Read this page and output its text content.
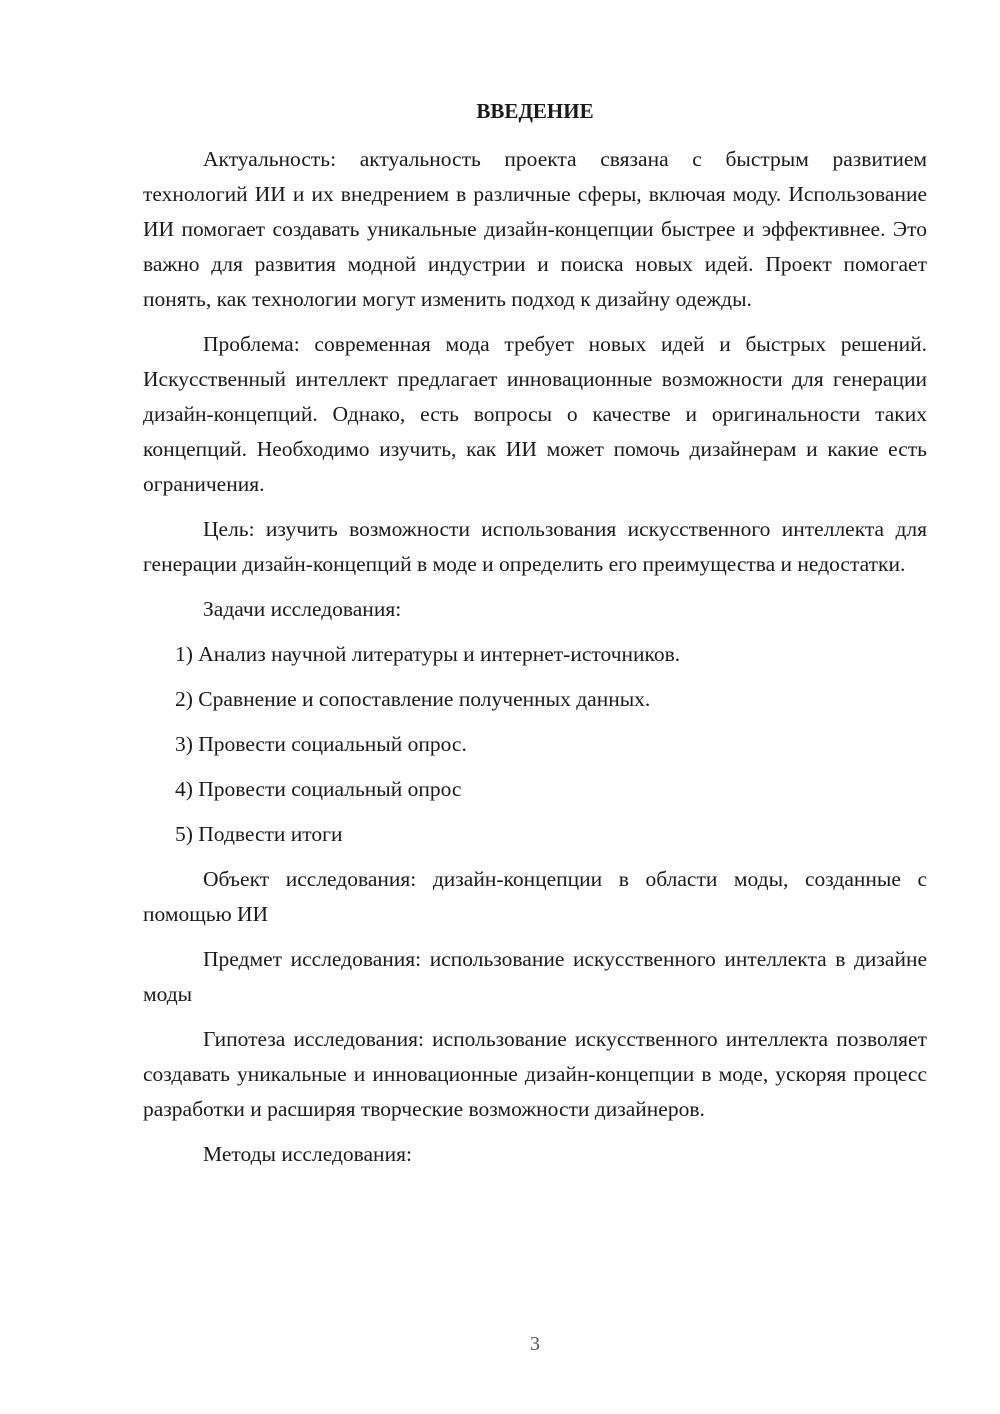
ВВЕДЕНИЕ

Актуальность: актуальность проекта связана с быстрым развитием технологий ИИ и их внедрением в различные сферы, включая моду. Использование ИИ помогает создавать уникальные дизайн-концепции быстрее и эффективнее. Это важно для развития модной индустрии и поиска новых идей. Проект помогает понять, как технологии могут изменить подход к дизайну одежды.

Проблема: современная мода требует новых идей и быстрых решений. Искусственный интеллект предлагает инновационные возможности для генерации дизайн-концепций. Однако, есть вопросы о качестве и оригинальности таких концепций. Необходимо изучить, как ИИ может помочь дизайнерам и какие есть ограничения.

Цель: изучить возможности использования искусственного интеллекта для генерации дизайн-концепций в моде и определить его преимущества и недостатки.

Задачи исследования:

1) Анализ научной литературы и интернет-источников.
2) Сравнение и сопоставление полученных данных.
3) Провести социальный опрос.
4) Провести социальный опрос
5) Подвести итоги

Объект исследования: дизайн-концепции в области моды, созданные с помощью ИИ

Предмет исследования: использование искусственного интеллекта в дизайне моды

Гипотеза исследования: использование искусственного интеллекта позволяет создавать уникальные и инновационные дизайн-концепции в моде, ускоряя процесс разработки и расширяя творческие возможности дизайнеров.

Методы исследования:

3
